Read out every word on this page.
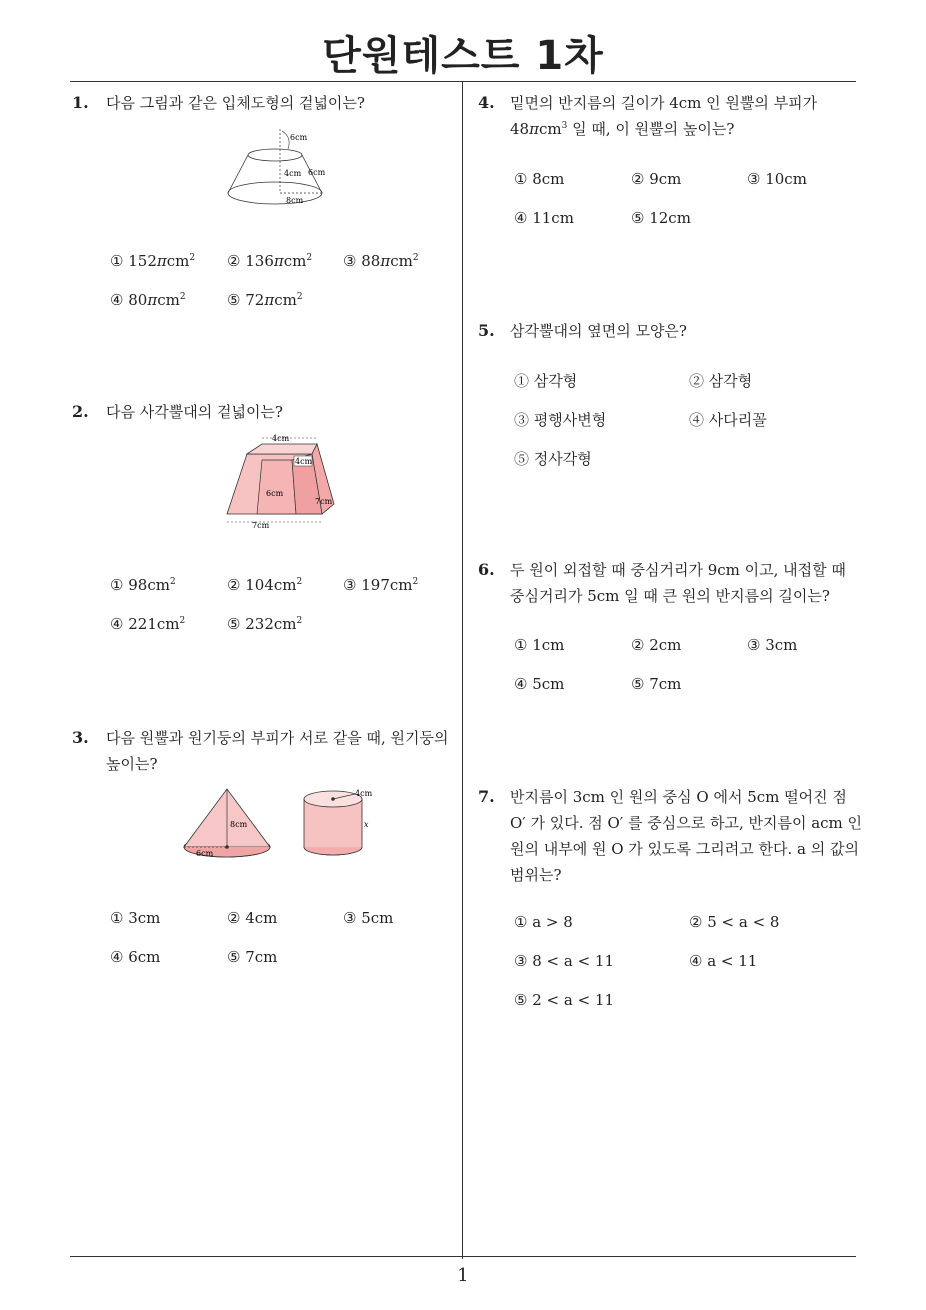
단원테스트 1차
1
1. 다음 그림과 같은 입체도형의 겉넓이는?
6cm
4cm 6cm
8cm
① 152πcm$^2$ ② 136πcm$^2$ ③ 88πcm$^2$
④ 80πcm$^2$	⑤ 72πcm$^2$
2. 다음 사각뿔대의 겉넓이는?
4cm
4cm
6cm
7cm
7cm
① $98cm^2$	② $104cm^2$	③ $197cm^2$
④ $221cm^2$	⑤ $232cm^2$
3. 다음 원뿔과 원기둥의 부피가 서로 같을 때, 원기둥의
높이는?
8cm
6cm
4cm
x
① 3cm	② 4cm	③ 5cm
④ 6cm	⑤ 7cm
4. 밑면의 반지름의 길이가 4cm 인 원뿔의 부피가
48πcm$^3$ 일 때, 이 원뿔의 높이는?
① 8cm	② 9cm	③ 10cm
④ 11cm	⑤ 12cm
5. 삼각뿔대의 옆면의 모양은?
① 삼각형	② 삼각형
③ 평행사변형	④ 사다리꼴
⑤ 정사각형
6. 두 원이 외접할 때 중심거리가 9cm 이고, 내접할 때
중심거리가 5cm 일 때 큰 원의 반지름의 길이는?
① 1cm	② 2cm	③ 3cm
④ 5cm	⑤ 7cm
7. 반지름이 3cm 인 원의 중심 O 에서 5cm 떨어진 점
O′ 가 있다. 점 O′ 를 중심으로 하고, 반지름이 acm 인
원의 내부에 원 O 가 있도록 그리려고 한다. a 의 값의
범위는?
① a > 8	② 5 < a < 8
③ 8 < a < 11	④ a < 11
⑤ 2 < a < 11
